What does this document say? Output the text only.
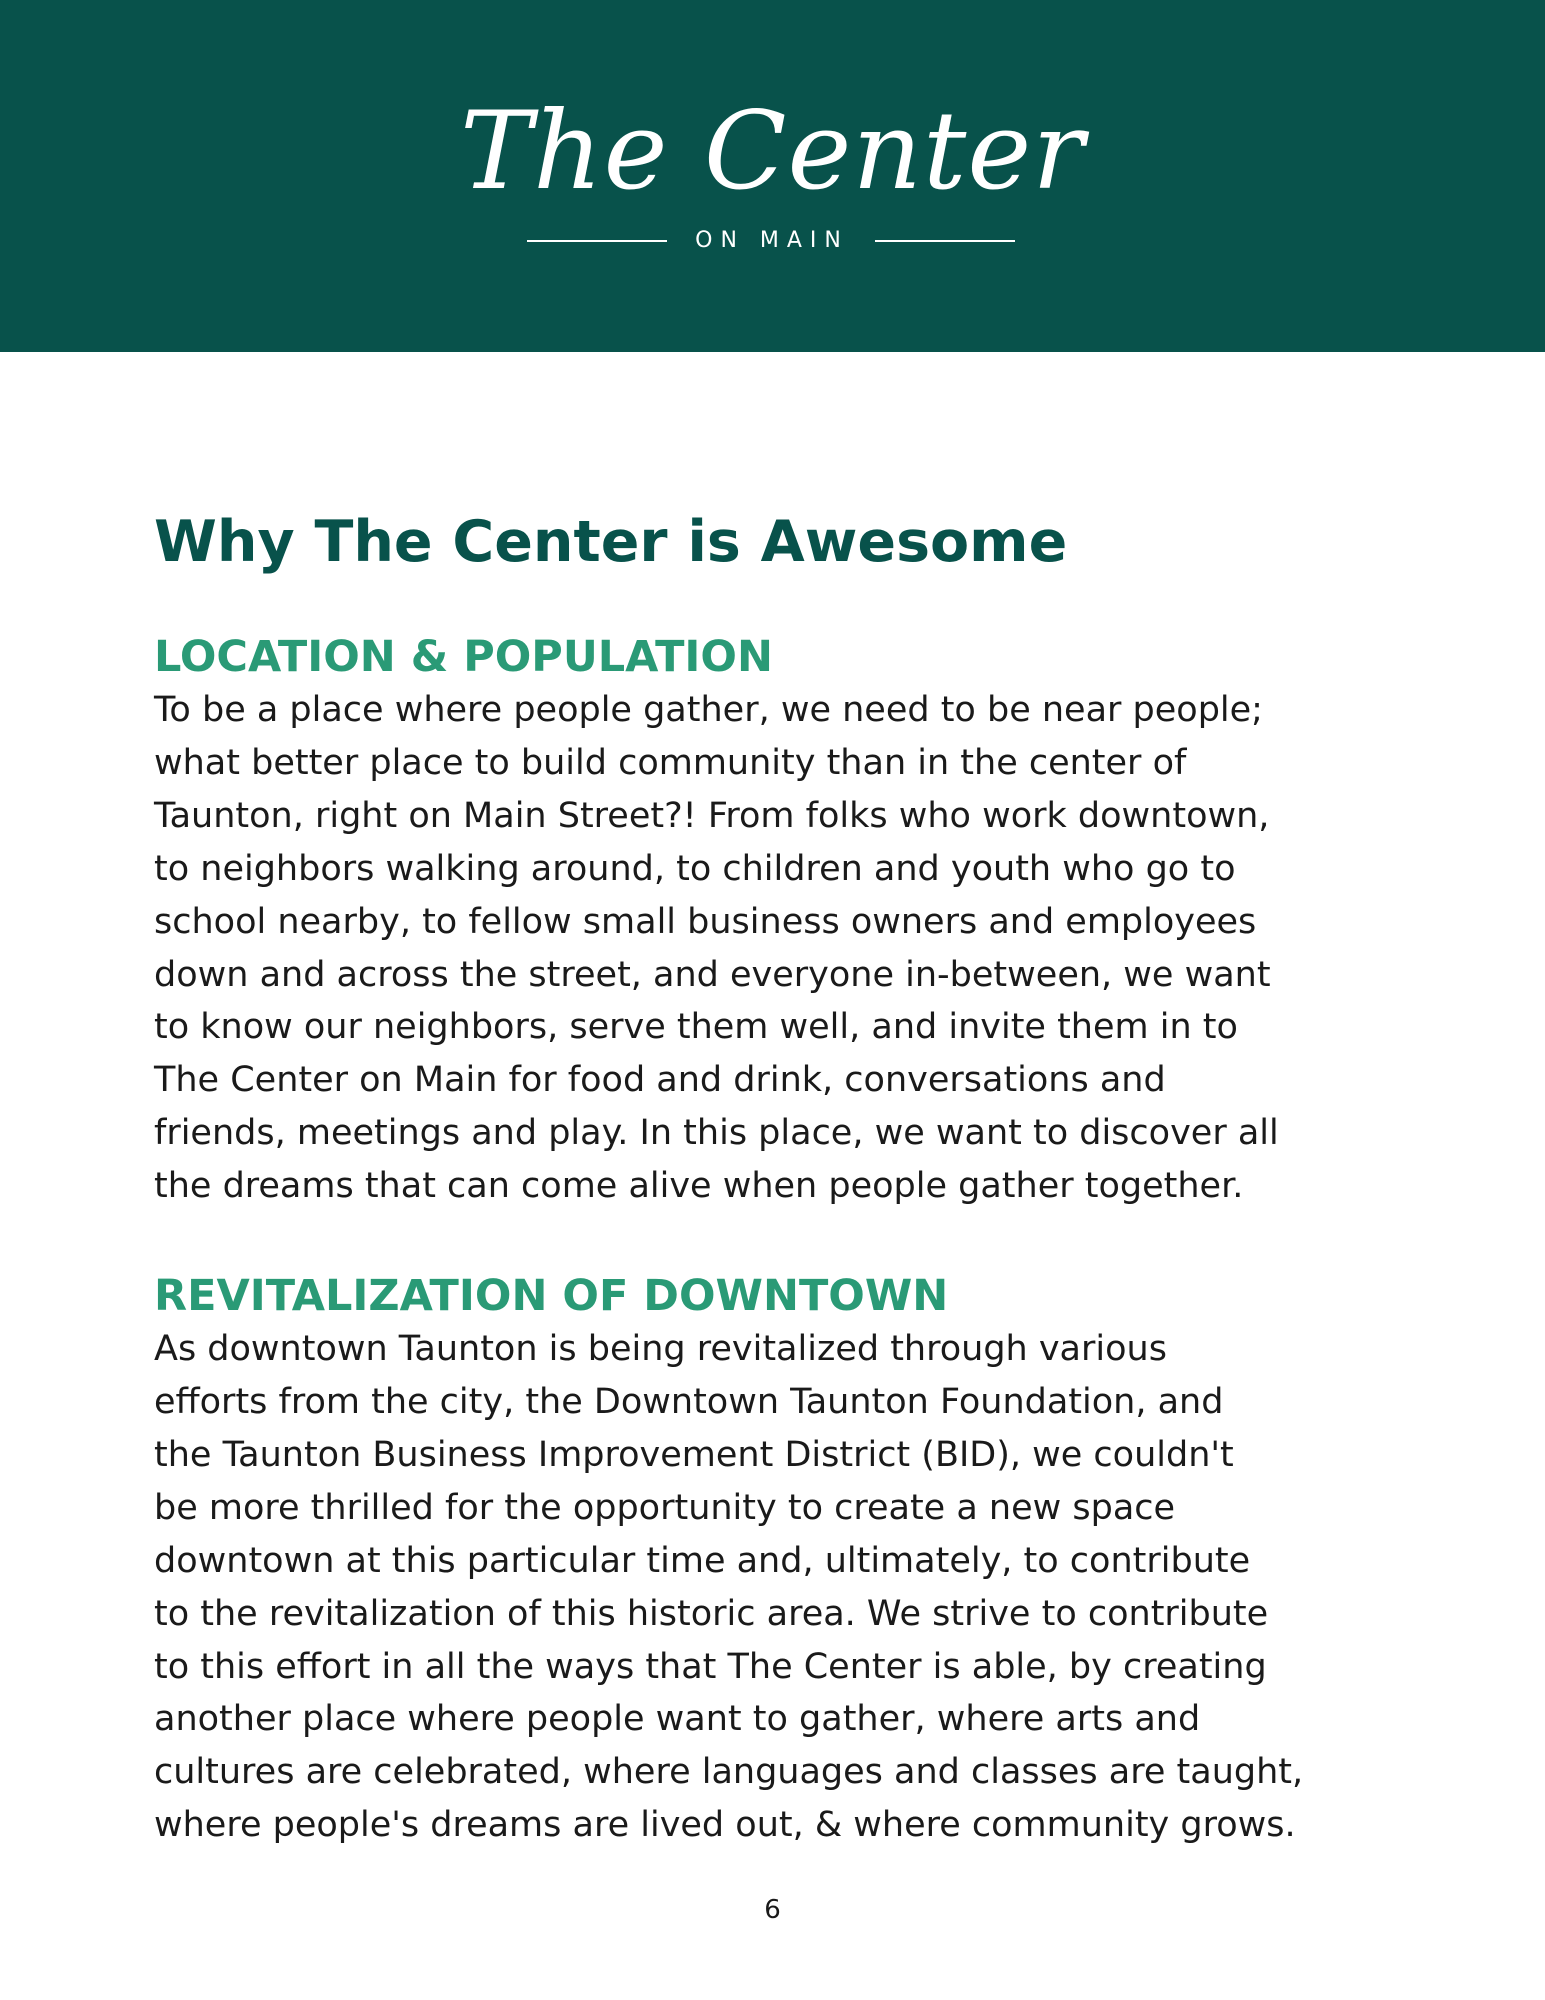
The Center
ON MAIN
Why The Center is Awesome
LOCATION & POPULATION

To be a place where people gather, we need to be near people;
what better place to build community than in the center of
Taunton, right on Main Street?! From folks who work downtown,
to neighbors walking around, to children and youth who go to
school nearby, to fellow small business owners and employees
down and across the street, and everyone in-between, we want
to know our neighbors, serve them well, and invite them in to
The Center on Main for food and drink, conversations and
friends, meetings and play. In this place, we want to discover all
the dreams that can come alive when people gather together.

REVITALIZATION OF DOWNTOWN

As downtown Taunton is being revitalized through various
efforts from the city, the Downtown Taunton Foundation, and
the Taunton Business Improvement District (BID), we couldn't
be more thrilled for the opportunity to create a new space
downtown at this particular time and, ultimately, to contribute
to the revitalization of this historic area. We strive to contribute
to this effort in all the ways that The Center is able, by creating
another place where people want to gather, where arts and
cultures are celebrated, where languages and classes are taught,
where people's dreams are lived out, & where community grows.

6
